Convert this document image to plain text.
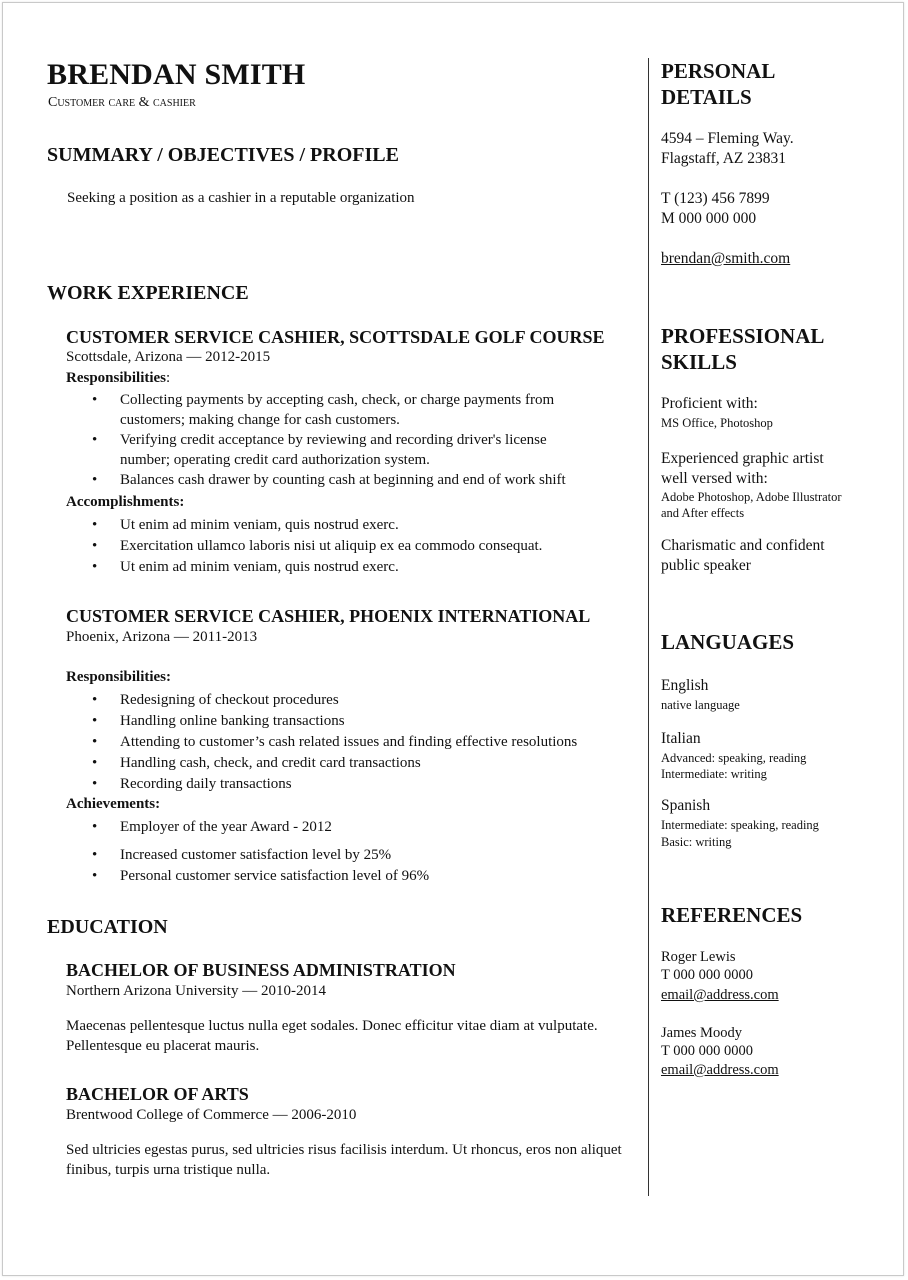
BRENDAN SMITH
Customer care & cashier
SUMMARY / OBJECTIVES / PROFILE
Seeking a position as a cashier in a reputable organization
WORK EXPERIENCE
CUSTOMER SERVICE CASHIER, SCOTTSDALE GOLF COURSE
Scottsdale, Arizona — 2012-2015
Responsibilities:
• Collecting payments by accepting cash, check, or charge payments from
customers; making change for cash customers.
• Verifying credit acceptance by reviewing and recording driver's license
number; operating credit card authorization system.
• Balances cash drawer by counting cash at beginning and end of work shift
Accomplishments:
• Ut enim ad minim veniam, quis nostrud exerc.
• Exercitation ullamco laboris nisi ut aliquip ex ea commodo consequat.
• Ut enim ad minim veniam, quis nostrud exerc.
CUSTOMER SERVICE CASHIER, PHOENIX INTERNATIONAL
Phoenix, Arizona — 2011-2013
Responsibilities:
• Redesigning of checkout procedures
• Handling online banking transactions
• Attending to customer’s cash related issues and finding effective resolutions
• Handling cash, check, and credit card transactions
• Recording daily transactions
Achievements:
• Employer of the year Award - 2012
• Increased customer satisfaction level by 25%
• Personal customer service satisfaction level of 96%
EDUCATION
BACHELOR OF BUSINESS ADMINISTRATION
Northern Arizona University — 2010-2014
Maecenas pellentesque luctus nulla eget sodales. Donec efficitur vitae diam at vulputate. Pellentesque eu placerat mauris.
BACHELOR OF ARTS
Brentwood College of Commerce — 2006-2010
Sed ultricies egestas purus, sed ultricies risus facilisis interdum. Ut rhoncus, eros non aliquet finibus, turpis urna tristique nulla.
PERSONAL DETAILS
4594 – Fleming Way.
Flagstaff, AZ 23831
T (123) 456 7899
M 000 000 000
brendan@smith.com
PROFESSIONAL SKILLS
Proficient with:
MS Office, Photoshop
Experienced graphic artist
well versed with:
Adobe Photoshop, Adobe Illustrator
and After effects
Charismatic and confident
public speaker
LANGUAGES
English
native language
Italian
Advanced: speaking, reading
Intermediate: writing
Spanish
Intermediate: speaking, reading
Basic: writing
REFERENCES
Roger Lewis
T 000 000 0000
email@address.com
James Moody
T 000 000 0000
email@address.com
